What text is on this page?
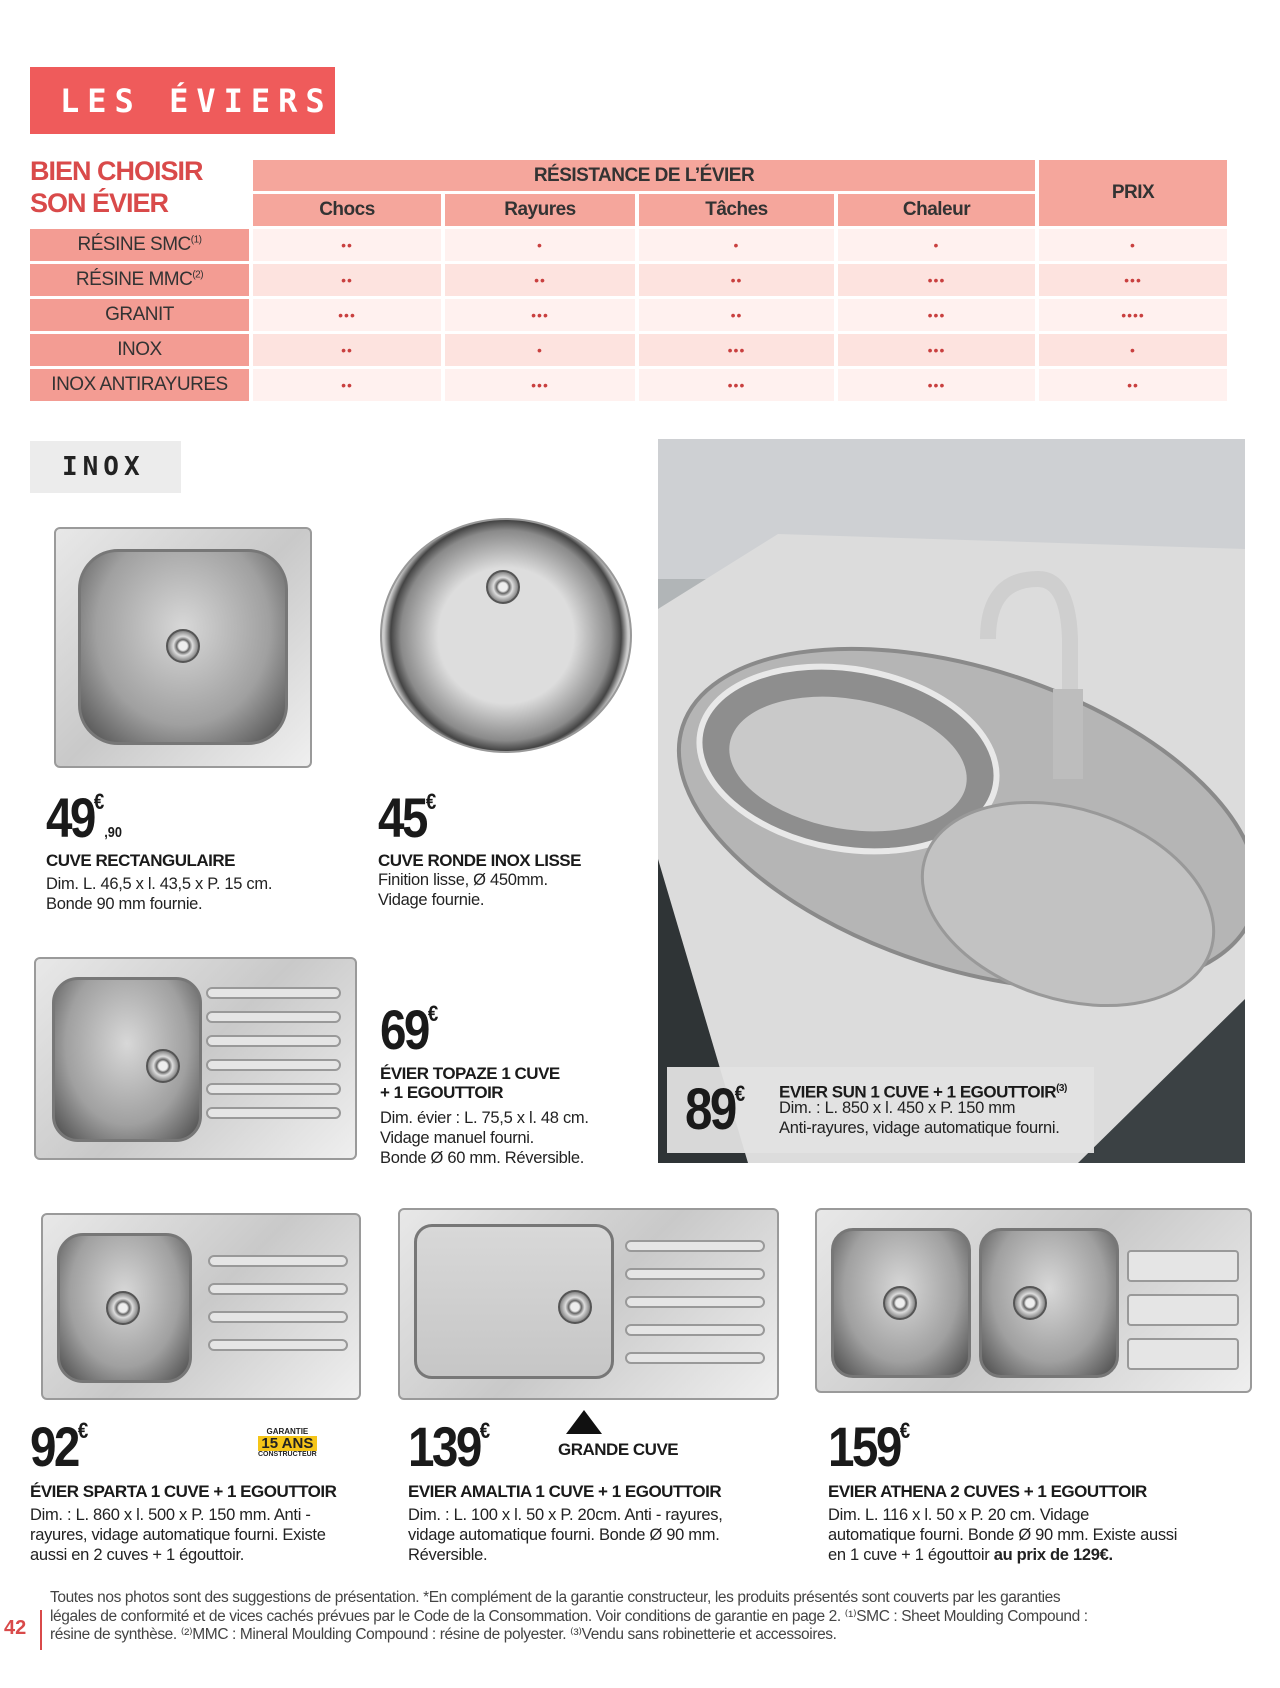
LES ÉVIERS
BIEN CHOISIR
SON ÉVIER
	RÉSISTANCE DE L’ÉVIER				PRIX
	Chocs	Rayures	Tâches	Chaleur	
RÉSINE SMC$^{(1)}$	••	•	•	•	•
RÉSINE MMC$^{(2)}$	••	••	••	•••	•••
GRANIT	•••	•••	••	•••	••••
INOX	••	•	•••	•••	•
INOX ANTIRAYURES	••	•••	•••	•••	••
INOX
49€,90
CUVE RECTANGULAIRE
Dim. L. 46,5 x l. 43,5 x P. 15 cm.
Bonde 90 mm fournie.
45€
CUVE RONDE INOX LISSE
Finition lisse, Ø 450mm.
Vidage fournie.
69€
ÉVIER TOPAZE 1 CUVE
+ 1 EGOUTTOIR
Dim. évier : L. 75,5 x l. 48 cm.
Vidage manuel fourni.
Bonde Ø 60 mm. Réversible.
89€ EVIER SUN 1 CUVE + 1 EGOUTTOIR$^{(3)}$
Dim. : L. 850 x l. 450 x P. 150 mm
Anti-rayures, vidage automatique fourni.
92€	GARANTIE
15 ANS
CONSTRUCTEUR
ÉVIER SPARTA 1 CUVE + 1 EGOUTTOIR
Dim. : L. 860 x l. 500 x P. 150 mm. Anti -
rayures, vidage automatique fourni. Existe
aussi en 2 cuves + 1 égouttoir.
139€
GRANDE CUVE
EVIER AMALTIA 1 CUVE + 1 EGOUTTOIR
Dim. : L. 100 x l. 50 x P. 20cm. Anti - rayures,
vidage automatique fourni. Bonde Ø 90 mm.
Réversible.
159€
EVIER ATHENA 2 CUVES + 1 EGOUTTOIR
Dim. L. 116 x l. 50 x P. 20 cm. Vidage
automatique fourni. Bonde Ø 90 mm. Existe aussi
en 1 cuve + 1 égouttoir au prix de 129€.
42
Toutes nos photos sont des suggestions de présentation. *En complément de la garantie constructeur, les produits présentés sont couverts par les garanties
légales de conformité et de vices cachés prévues par le Code de la Consommation. Voir conditions de garantie en page 2. ⁽¹⁾SMC : Sheet Moulding Compound :
résine de synthèse. ⁽²⁾MMC : Mineral Moulding Compound : résine de polyester. ⁽³⁾Vendu sans robinetterie et accessoires.
